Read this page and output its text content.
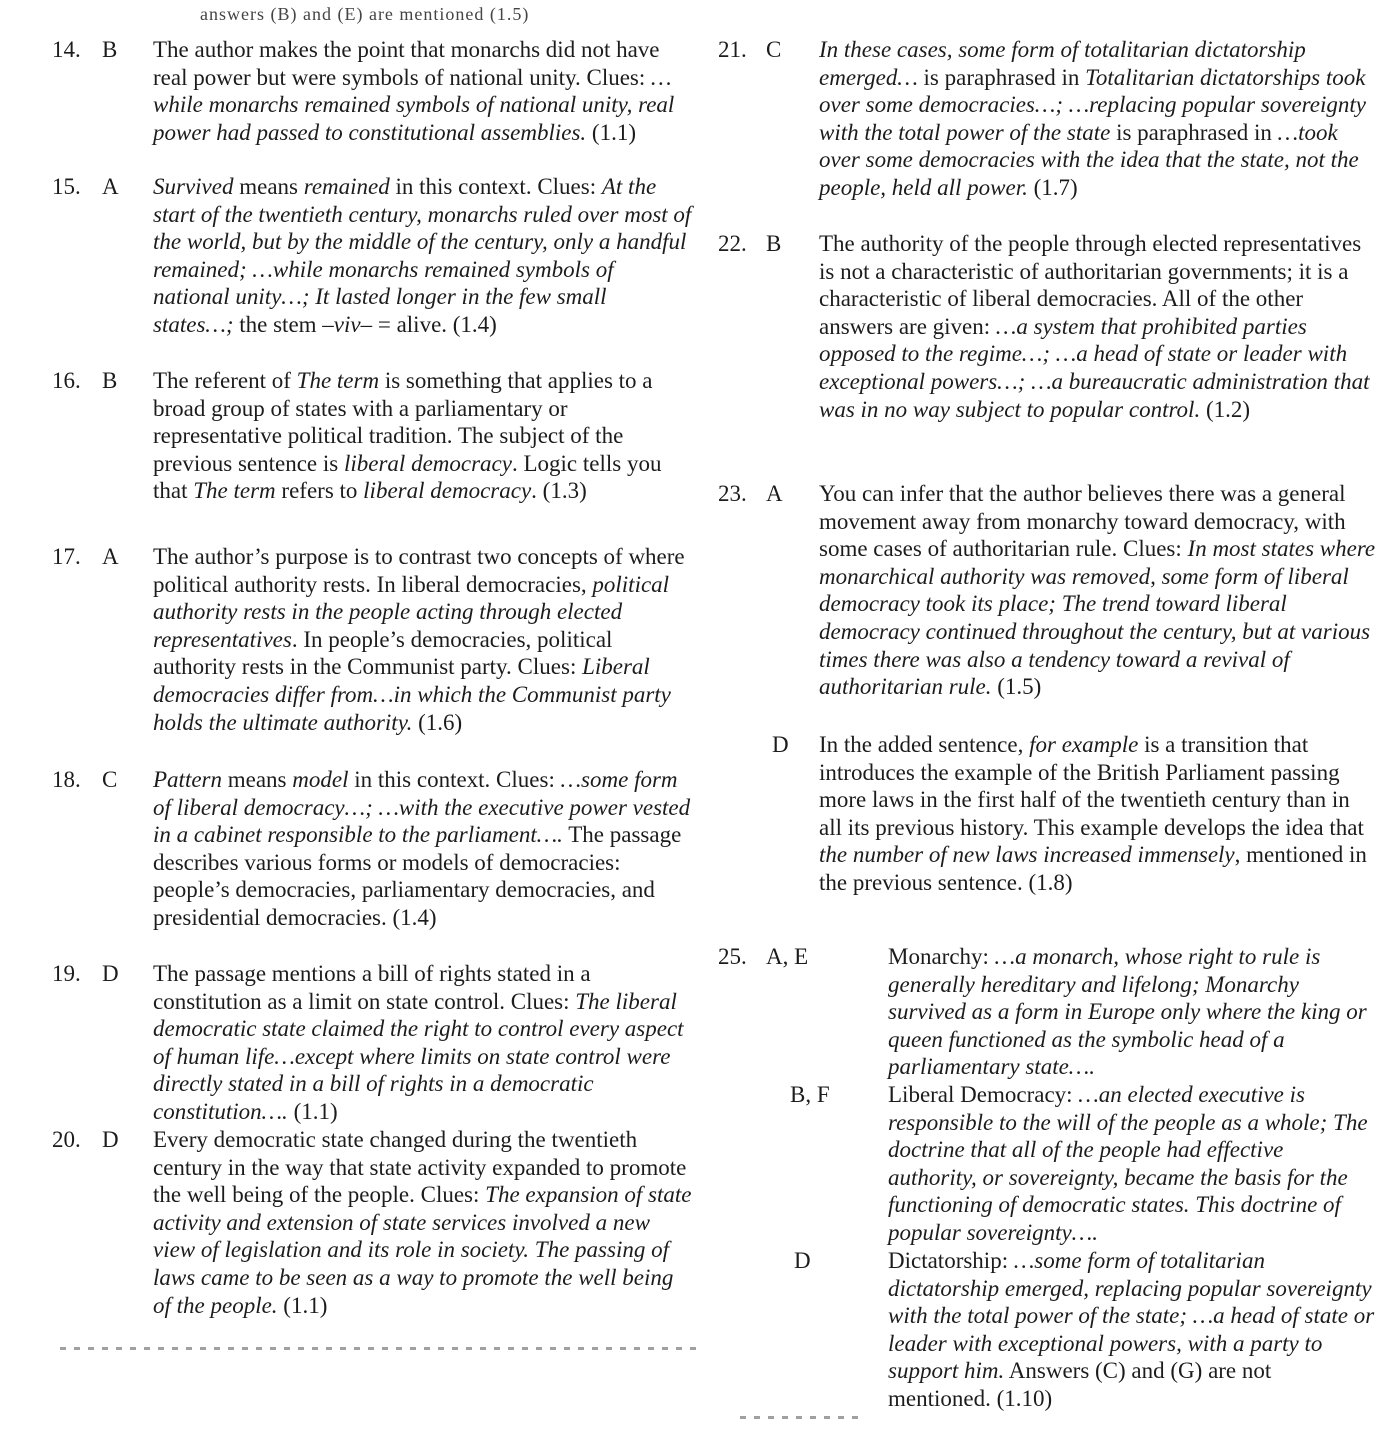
answers (B) and (E) are mentioned (1.5)
14. B The author makes the point that monarchs did not have real power but were symbols of national unity. Clues: …while monarchs remained symbols of national unity, real power had passed to constitutional assemblies. (1.1)

15. A Survived means remained in this context. Clues: At the start of the twentieth century, monarchs ruled over most of the world, but by the middle of the century, only a handful remained; …while monarchs remained symbols of national unity…; It lasted longer in the few small states…; the stem –viv– = alive. (1.4)

16. B The referent of The term is something that applies to a broad group of states with a parliamentary or representative political tradition. The subject of the previous sentence is liberal democracy. Logic tells you that The term refers to liberal democracy. (1.3)

17. A The author’s purpose is to contrast two concepts of where political authority rests. In liberal democracies, political authority rests in the people acting through elected representatives. In people’s democracies, political authority rests in the Communist party. Clues: Liberal democracies differ from…in which the Communist party holds the ultimate authority. (1.6)

18. C Pattern means model in this context. Clues: …some form of liberal democracy…; …with the executive power vested in a cabinet responsible to the parliament…. The passage describes various forms or models of democracies: people’s democracies, parliamentary democracies, and presidential democracies. (1.4)

19. D The passage mentions a bill of rights stated in a constitution as a limit on state control. Clues: The liberal democratic state claimed the right to control every aspect of human life…except where limits on state control were directly stated in a bill of rights in a democratic constitution…. (1.1)

20. D Every democratic state changed during the twentieth century in the way that state activity expanded to promote the well being of the people. Clues: The expansion of state activity and extension of state services involved a new view of legislation and its role in society. The passing of laws came to be seen as a way to promote the well being of the people. (1.1)

21. C In these cases, some form of totalitarian dictatorship emerged… is paraphrased in Totalitarian dictatorships took over some democracies…; …replacing popular sovereignty with the total power of the state is paraphrased in …took over some democracies with the idea that the state, not the people, held all power. (1.7)

22. B The authority of the people through elected representatives is not a characteristic of authoritarian governments; it is a characteristic of liberal democracies. All of the other answers are given: …a system that prohibited parties opposed to the regime…; …a head of state or leader with exceptional powers…; …a bureaucratic administration that was in no way subject to popular control. (1.2)

23. A You can infer that the author believes there was a general movement away from monarchy toward democracy, with some cases of authoritarian rule. Clues: In most states where monarchical authority was removed, some form of liberal democracy took its place; The trend toward liberal democracy continued throughout the century, but at various times there was also a tendency toward a revival of authoritarian rule. (1.5)

D In the added sentence, for example is a transition that introduces the example of the British Parliament passing more laws in the first half of the twentieth century than in all its previous history. This example develops the idea that the number of new laws increased immensely, mentioned in the previous sentence. (1.8)

25. A, E	Monarchy: …a monarch, whose right to rule is generally hereditary and lifelong; Monarchy survived as a form in Europe only where the king or queen functioned as the symbolic head of a parliamentary state….

B, F	Liberal Democracy: …an elected executive is responsible to the will of the people as a whole; The doctrine that all of the people had effective authority, or sovereignty, became the basis for the functioning of democratic states. This doctrine of popular sovereignty….

D	Dictatorship: …some form of totalitarian dictatorship emerged, replacing popular sovereignty with the total power of the state; …a head of state or leader with exceptional powers, with a party to support him. Answers (C) and (G) are not mentioned. (1.10)
